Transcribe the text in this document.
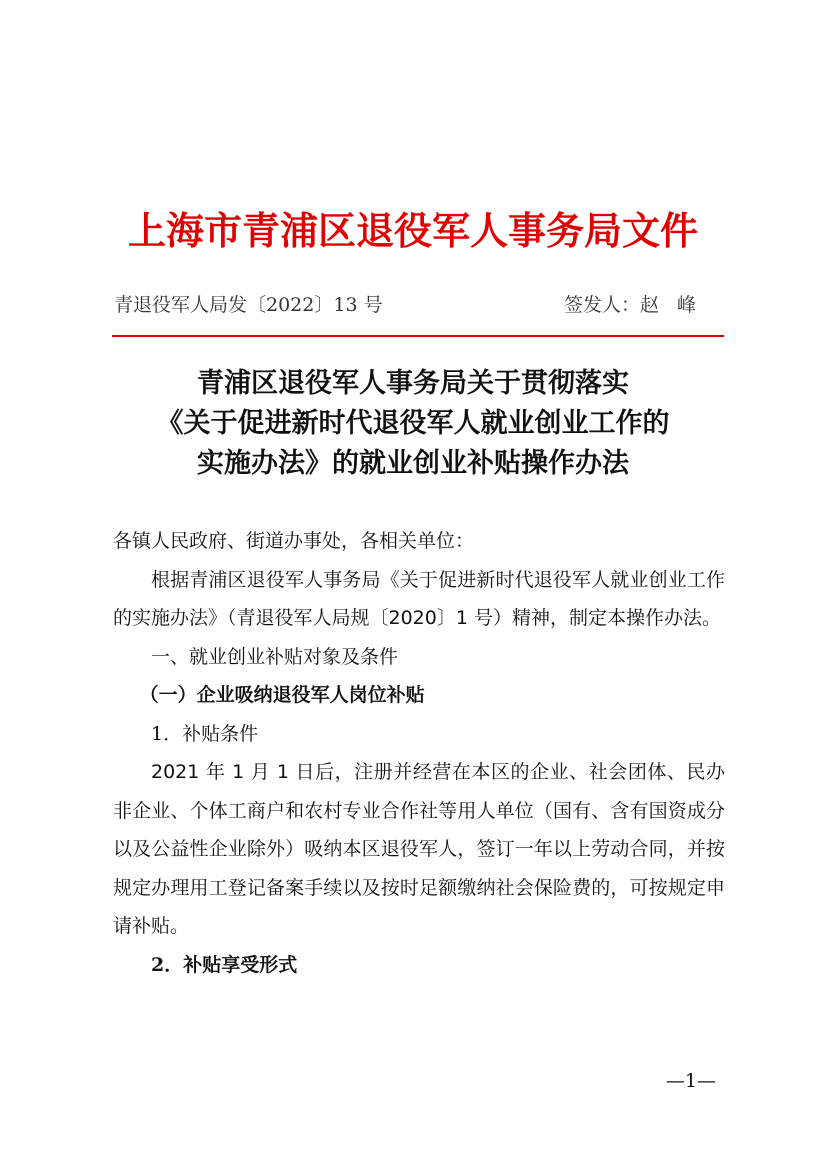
上海市青浦区退役军人事务局文件
青退役军人局发〔2022〕13 号	签发人：赵峰
青浦区退役军人事务局关于贯彻落实
《关于促进新时代退役军人就业创业工作的
实施办法》的就业创业补贴操作办法

各镇人民政府、街道办事处，各相关单位：

根据青浦区退役军人事务局《关于促进新时代退役军人就业创业工作的实施办法》（青退役军人局规〔2020〕1 号）精神，制定本操作办法。

一、就业创业补贴对象及条件

（一）企业吸纳退役军人岗位补贴

1．补贴条件

2021 年 1 月 1 日后，注册并经营在本区的企业、社会团体、民办非企业、个体工商户和农村专业合作社等用人单位（国有、含有国资成分以及公益性企业除外）吸纳本区退役军人，签订一年以上劳动合同，并按规定办理用工登记备案手续以及按时足额缴纳社会保险费的，可按规定申请补贴。

2．补贴享受形式

—1—
